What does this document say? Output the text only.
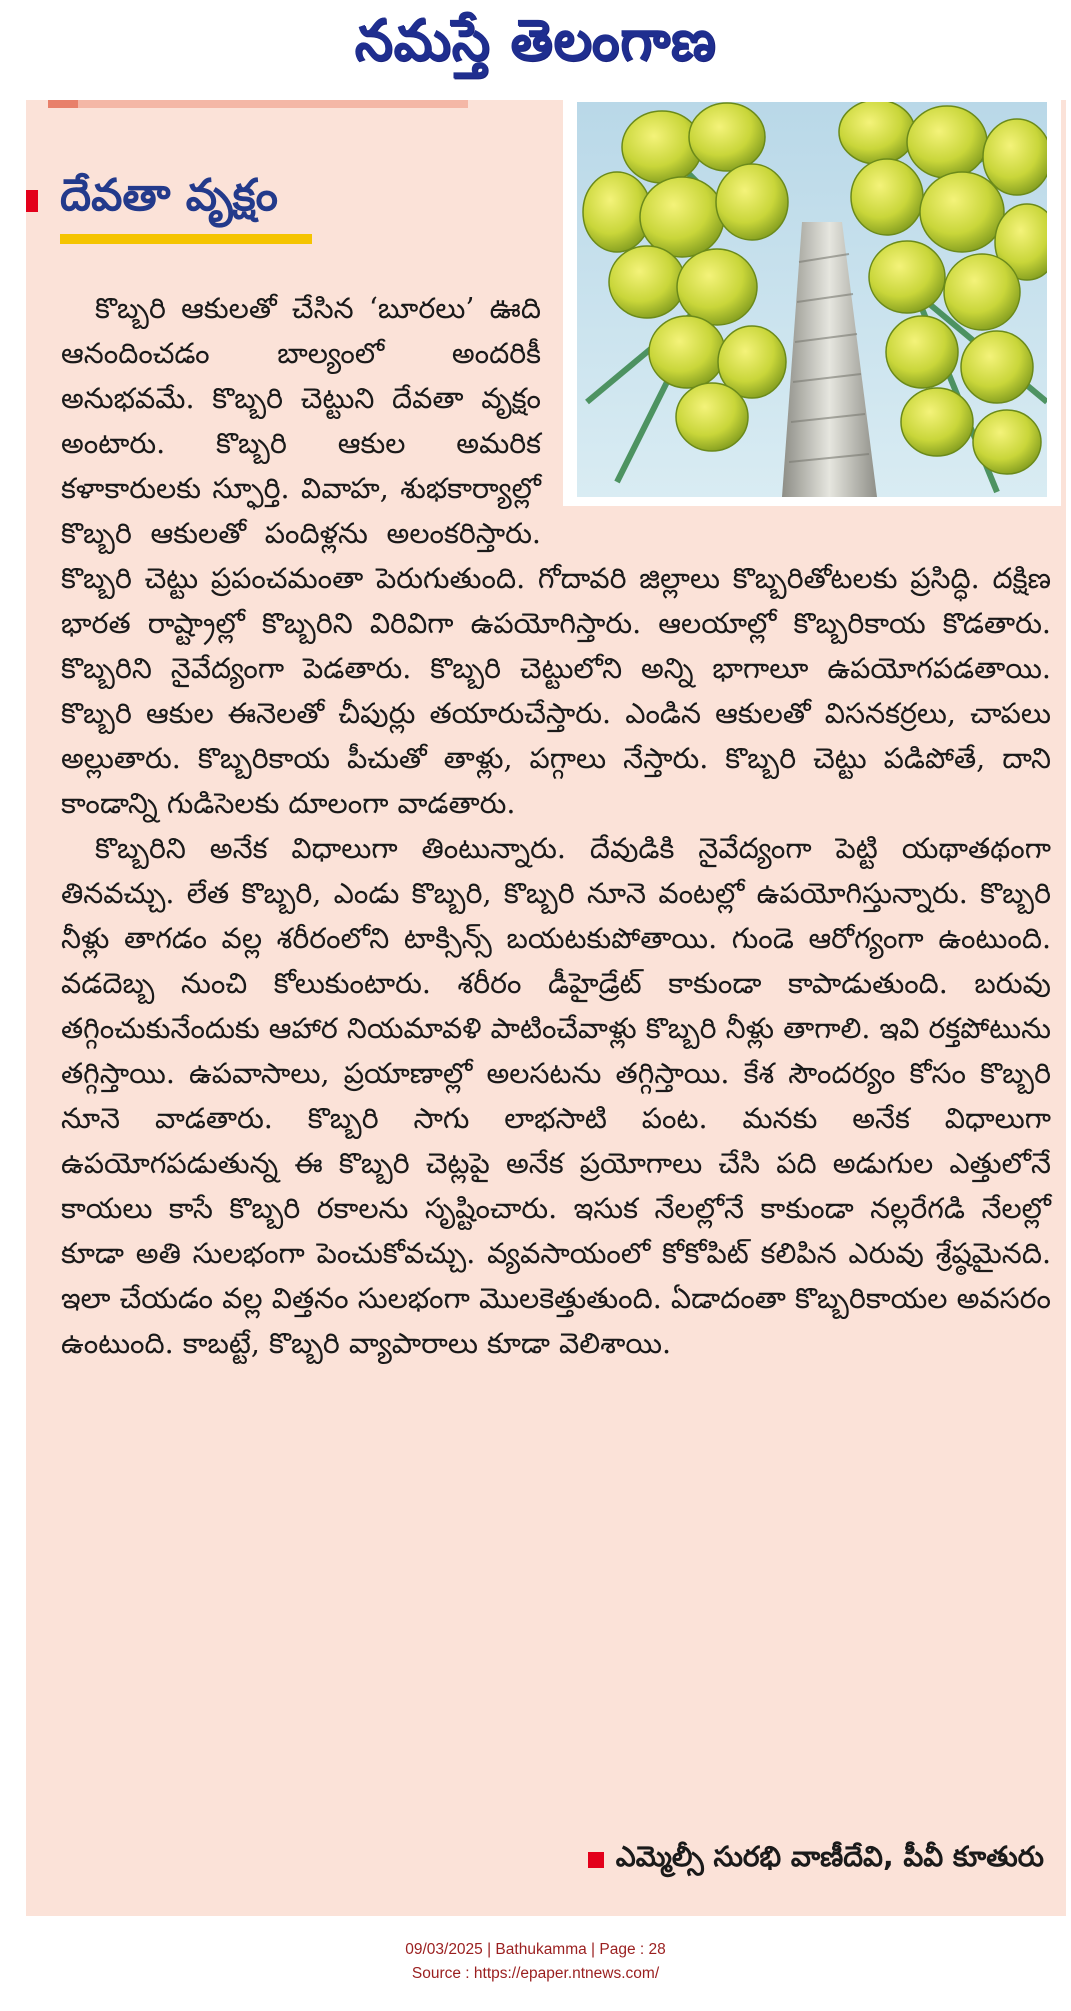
నమస్తే తెలంగాణ
దేవతా వృక్షం

కొబ్బరి ఆకులతో చేసిన ‘బూరలు’ ఊది ఆనందించడం బాల్యంలో అందరికీ అనుభవమే. కొబ్బరి చెట్టుని దేవతా వృక్షం అంటారు. కొబ్బరి ఆకుల అమరిక కళాకారులకు స్ఫూర్తి. వివాహ, శుభకార్యాల్లో కొబ్బరి ఆకులతో పందిళ్లను అలంకరిస్తారు. కొబ్బరి చెట్టు ప్రపంచమంతా పెరుగుతుంది. గోదావరి జిల్లాలు కొబ్బరితోటలకు ప్రసిద్ధి. దక్షిణ భారత రాష్ట్రాల్లో కొబ్బరిని విరివిగా ఉపయోగిస్తారు. ఆలయాల్లో కొబ్బరికాయ కొడతారు. కొబ్బరిని నైవేద్యంగా పెడతారు. కొబ్బరి చెట్టులోని అన్ని భాగాలూ ఉపయోగపడతాయి. కొబ్బరి ఆకుల ఈనెలతో చీపుర్లు తయారుచేస్తారు. ఎండిన ఆకులతో విసనకర్రలు, చాపలు అల్లుతారు. కొబ్బరికాయ పీచుతో తాళ్లు, పగ్గాలు నేస్తారు. కొబ్బరి చెట్టు పడిపోతే, దాని కాండాన్ని గుడిసెలకు దూలంగా వాడతారు.

కొబ్బరిని అనేక విధాలుగా తింటున్నారు. దేవుడికి నైవేద్యంగా పెట్టి యథాతథంగా తినవచ్చు. లేత కొబ్బరి, ఎండు కొబ్బరి, కొబ్బరి నూనె వంటల్లో ఉపయోగిస్తున్నారు. కొబ్బరి నీళ్లు తాగడం వల్ల శరీరంలోని టాక్సిన్స్ బయటకుపోతాయి. గుండె ఆరోగ్యంగా ఉంటుంది. వడదెబ్బ నుంచి కోలుకుంటారు. శరీరం డీహైడ్రేట్ కాకుండా కాపాడుతుంది. బరువు తగ్గించుకునేందుకు ఆహార నియమావళి పాటించేవాళ్లు కొబ్బరి నీళ్లు తాగాలి. ఇవి రక్తపోటును తగ్గిస్తాయి. ఉపవాసాలు, ప్రయాణాల్లో అలసటను తగ్గిస్తాయి. కేశ సౌందర్యం కోసం కొబ్బరి నూనె వాడతారు. కొబ్బరి సాగు లాభసాటి పంట. మనకు అనేక విధాలుగా ఉపయోగపడుతున్న ఈ కొబ్బరి చెట్లపై అనేక ప్రయోగాలు చేసి పది అడుగుల ఎత్తులోనే కాయలు కాసే కొబ్బరి రకాలను సృష్టించారు. ఇసుక నేలల్లోనే కాకుండా నల్లరేగడి నేలల్లో కూడా అతి సులభంగా పెంచుకోవచ్చు. వ్యవసాయంలో కోకోపిట్ కలిపిన ఎరువు శ్రేష్ఠమైనది. ఇలా చేయడం వల్ల విత్తనం సులభంగా మొలకెత్తుతుంది. ఏడాదంతా కొబ్బరికాయల అవసరం ఉంటుంది. కాబట్టే, కొబ్బరి వ్యాపారాలు కూడా వెలిశాయి.

ఎమ్మెల్సీ సురభి వాణీదేవి, పీవీ కూతురు
09/03/2025 | Bathukamma | Page : 28
Source : https://epaper.ntnews.com/
